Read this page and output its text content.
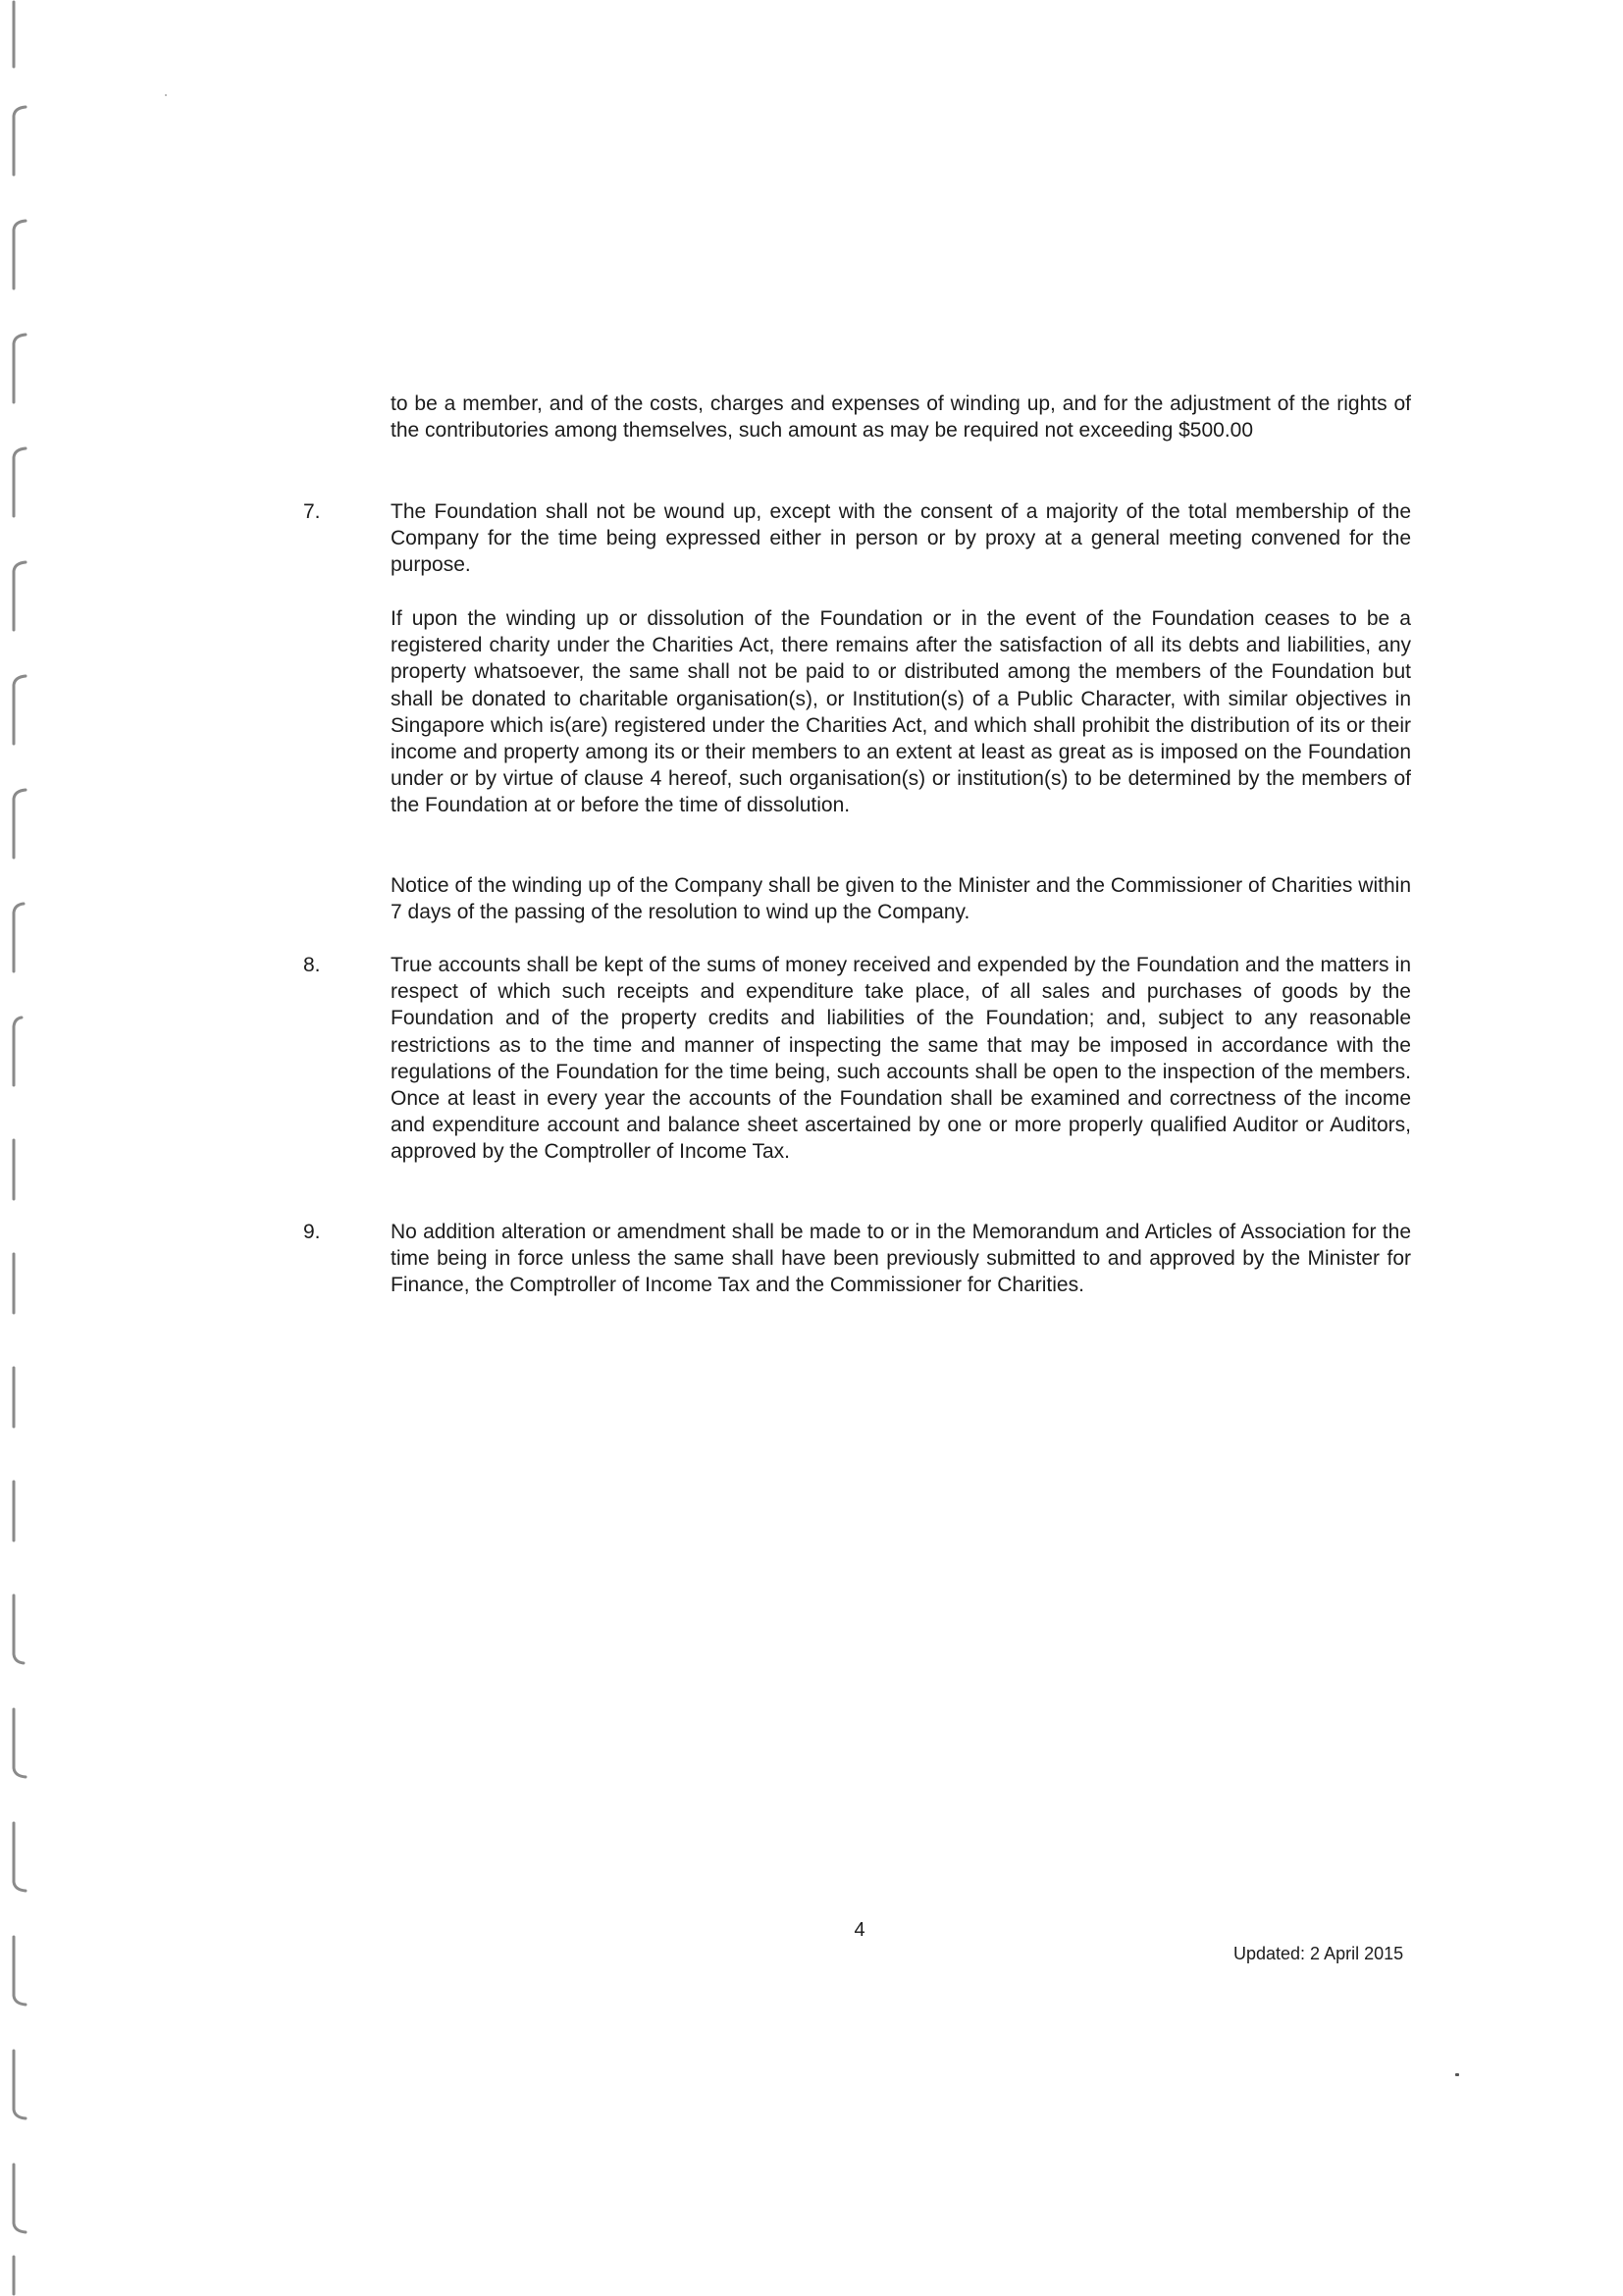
to be a member, and of the costs, charges and expenses of winding up, and for the adjustment of the rights of the contributories among themselves, such amount as may be required not exceeding $500.00

7.	The Foundation shall not be wound up, except with the consent of a majority of the total membership of the Company for the time being expressed either in person or by proxy at a general meeting convened for the purpose.

If upon the winding up or dissolution of the Foundation or in the event of the Foundation ceases to be a registered charity under the Charities Act, there remains after the satisfaction of all its debts and liabilities, any property whatsoever, the same shall not be paid to or distributed among the members of the Foundation but shall be donated to charitable organisation(s), or Institution(s) of a Public Character, with similar objectives in Singapore which is(are) registered under the Charities Act, and which shall prohibit the distribution of its or their income and property among its or their members to an extent at least as great as is imposed on the Foundation under or by virtue of clause 4 hereof, such organisation(s) or institution(s) to be determined by the members of the Foundation at or before the time of dissolution.

Notice of the winding up of the Company shall be given to the Minister and the Commissioner of Charities within 7 days of the passing of the resolution to wind up the Company.

8.	True accounts shall be kept of the sums of money received and expended by the Foundation and the matters in respect of which such receipts and expenditure take place, of all sales and purchases of goods by the Foundation and of the property credits and liabilities of the Foundation; and, subject to any reasonable restrictions as to the time and manner of inspecting the same that may be imposed in accordance with the regulations of the Foundation for the time being, such accounts shall be open to the inspection of the members. Once at least in every year the accounts of the Foundation shall be examined and correctness of the income and expenditure account and balance sheet ascertained by one or more properly qualified Auditor or Auditors, approved by the Comptroller of Income Tax.

9.	No addition alteration or amendment shall be made to or in the Memorandum and Articles of Association for the time being in force unless the same shall have been previously submitted to and approved by the Minister for Finance, the Comptroller of Income Tax and the Commissioner for Charities.

4
Updated: 2 April 2015
